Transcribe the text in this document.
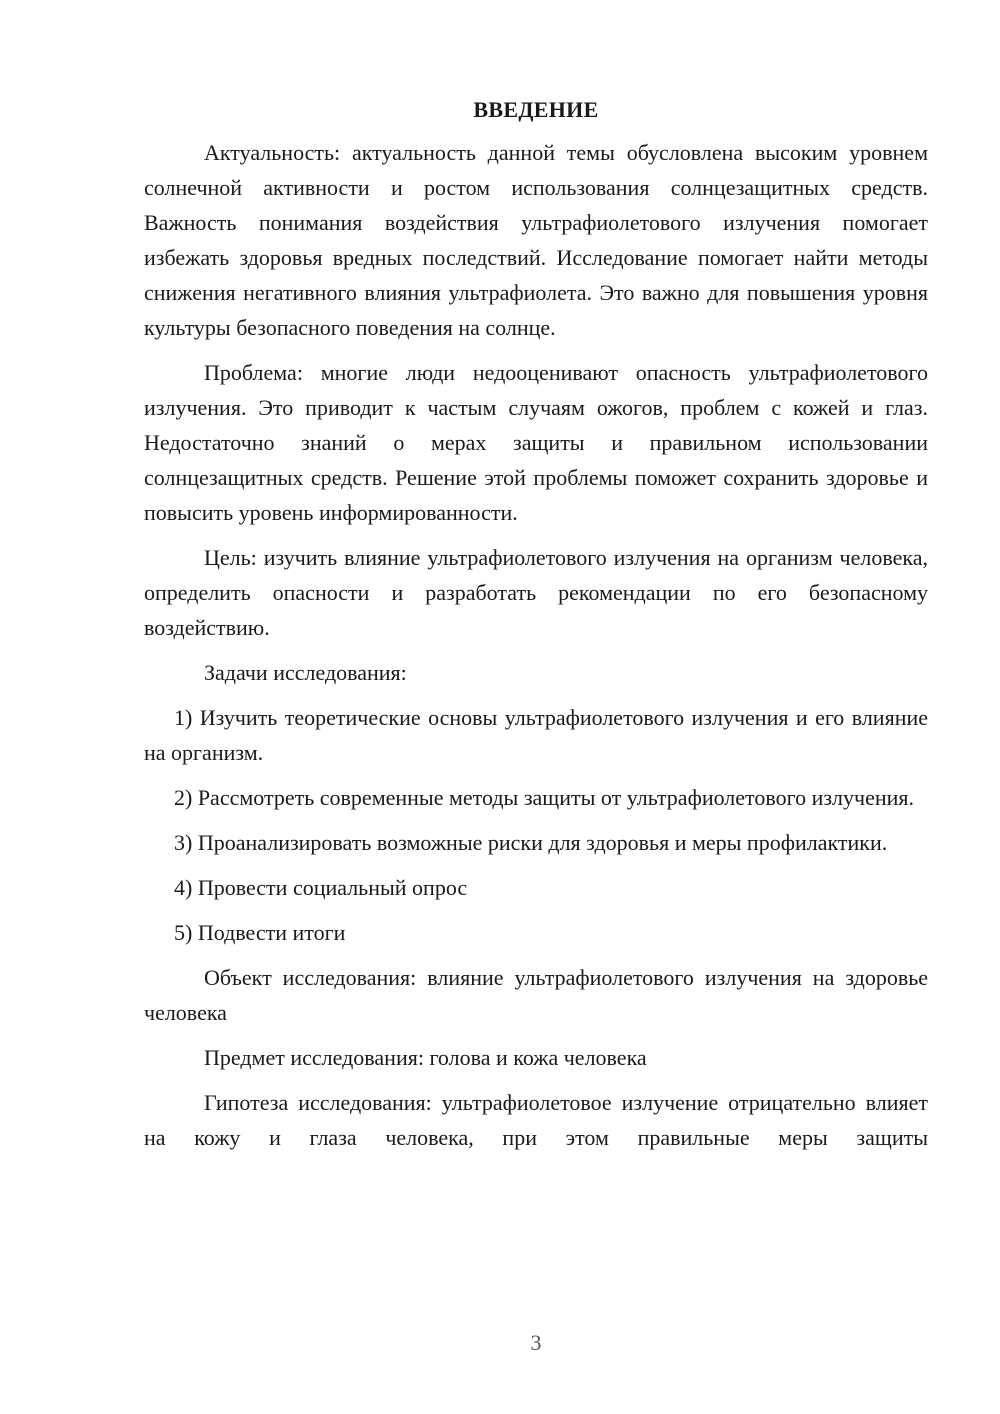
ВВЕДЕНИЕ

Актуальность: актуальность данной темы обусловлена высоким уровнем солнечной активности и ростом использования солнцезащитных средств. Важность понимания воздействия ультрафиолетового излучения помогает избежать здоровья вредных последствий. Исследование помогает найти методы снижения негативного влияния ультрафиолета. Это важно для повышения уровня культуры безопасного поведения на солнце.

Проблема: многие люди недооценивают опасность ультрафиолетового излучения. Это приводит к частым случаям ожогов, проблем с кожей и глаз. Недостаточно знаний о мерах защиты и правильном использовании солнцезащитных средств. Решение этой проблемы поможет сохранить здоровье и повысить уровень информированности.

Цель: изучить влияние ультрафиолетового излучения на организм человека, определить опасности и разработать рекомендации по его безопасному воздействию.

Задачи исследования:

1) Изучить теоретические основы ультрафиолетового излучения и его влияние на организм.

2) Рассмотреть современные методы защиты от ультрафиолетового излучения.

3) Проанализировать возможные риски для здоровья и меры профилактики.

4) Провести социальный опрос

5) Подвести итоги

Объект исследования: влияние ультрафиолетового излучения на здоровье человека

Предмет исследования: голова и кожа человека

Гипотеза исследования: ультрафиолетовое излучение отрицательно влияет на кожу и глаза человека, при этом правильные меры защиты

3
